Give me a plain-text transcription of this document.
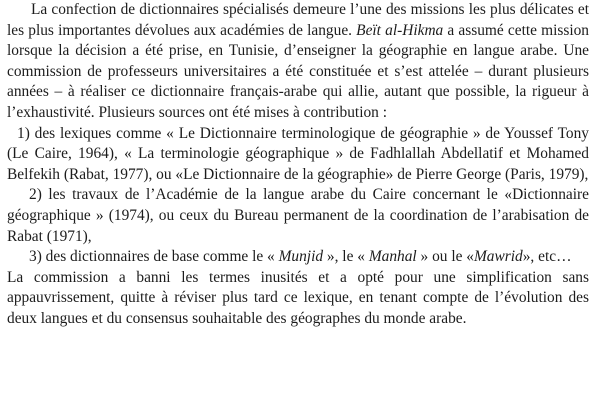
La confection de dictionnaires spécialisés demeure l’une des missions les plus délicates et les plus importantes dévolues aux académies de langue. Beït al-Hikma a assumé cette mission lorsque la décision a été prise, en Tunisie, d’enseigner la géographie en langue arabe. Une commission de professeurs universitaires a été constituée et s’est attelée – durant plusieurs années – à réaliser ce dictionnaire français-arabe qui allie, autant que possible, la rigueur à l’exhaustivité. Plusieurs sources ont été mises à contribution :

1) des lexiques comme « Le Dictionnaire terminologique de géographie » de Youssef Tony (Le Caire, 1964), « La terminologie géographique » de Fadhlallah Abdellatif et Mohamed Belfekih (Rabat, 1977), ou «Le Dictionnaire de la géographie» de Pierre George (Paris, 1979),

2) les travaux de l’Académie de la langue arabe du Caire concernant le «Dictionnaire géographique » (1974), ou ceux du Bureau permanent de la coordination de l’arabisation de Rabat (1971),

3) des dictionnaires de base comme le « Munjid », le « Manhal » ou le «Mawrid», etc…

La commission a banni les termes inusités et a opté pour une simplification sans appauvrissement, quitte à réviser plus tard ce lexique, en tenant compte de l’évolution des deux langues et du consensus souhaitable des géographes du monde arabe.
